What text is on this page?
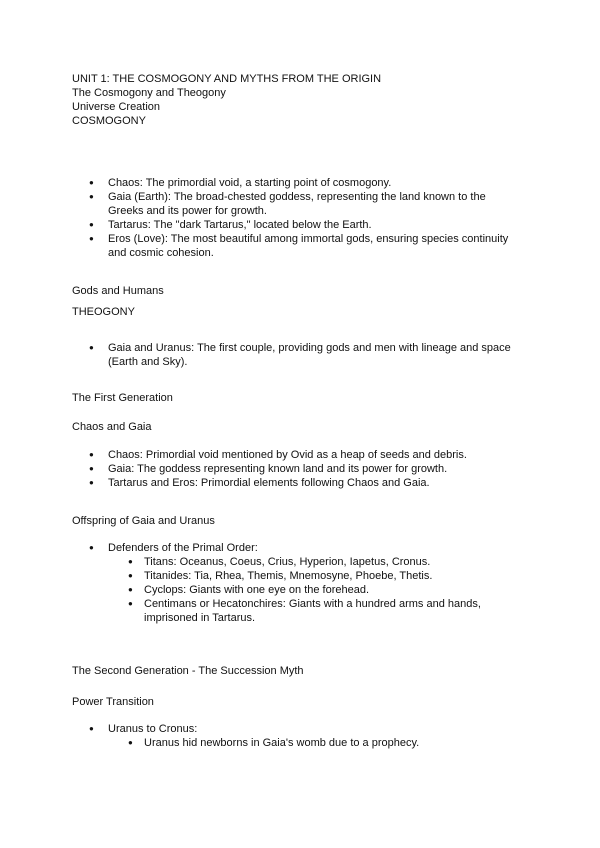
UNIT 1: THE COSMOGONY AND MYTHS FROM THE ORIGIN
The Cosmogony and Theogony
Universe Creation
COSMOGONY
● Chaos: The primordial void, a starting point of cosmogony.
● Gaia (Earth): The broad-chested goddess, representing the land known to the Greeks and its power for growth.
● Tartarus: The "dark Tartarus," located below the Earth.
● Eros (Love): The most beautiful among immortal gods, ensuring species continuity and cosmic cohesion.
Gods and Humans
THEOGONY
● Gaia and Uranus: The first couple, providing gods and men with lineage and space (Earth and Sky).
The First Generation
Chaos and Gaia
● Chaos: Primordial void mentioned by Ovid as a heap of seeds and debris.
● Gaia: The goddess representing known land and its power for growth.
● Tartarus and Eros: Primordial elements following Chaos and Gaia.
Offspring of Gaia and Uranus
● Defenders of the Primal Order:
● Titans: Oceanus, Coeus, Crius, Hyperion, Iapetus, Cronus.
● Titanides: Tia, Rhea, Themis, Mnemosyne, Phoebe, Thetis.
● Cyclops: Giants with one eye on the forehead.
● Centimans or Hecatonchires: Giants with a hundred arms and hands, imprisoned in Tartarus.
The Second Generation - The Succession Myth
Power Transition
● Uranus to Cronus:
● Uranus hid newborns in Gaia's womb due to a prophecy.
